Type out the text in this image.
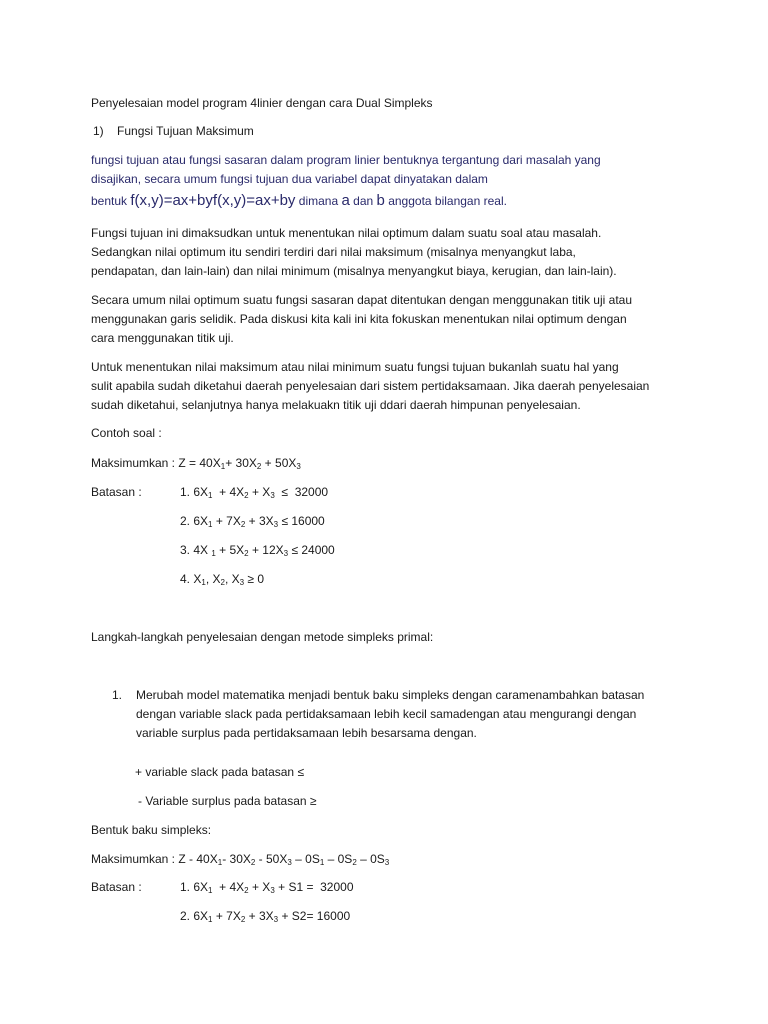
Penyelesaian model program 4linier dengan cara Dual Simpleks
1) Fungsi Tujuan Maksimum
fungsi tujuan atau fungsi sasaran dalam program linier bentuknya tergantung dari masalah yang
disajikan, secara umum fungsi tujuan dua variabel dapat dinyatakan dalam
bentuk f(x,y)=ax+byf(x,y)=ax+by dimana a dan b anggota bilangan real.
Fungsi tujuan ini dimaksudkan untuk menentukan nilai optimum dalam suatu soal atau masalah.
Sedangkan nilai optimum itu sendiri terdiri dari nilai maksimum (misalnya menyangkut laba,
pendapatan, dan lain-lain) dan nilai minimum (misalnya menyangkut biaya, kerugian, dan lain-lain).
Secara umum nilai optimum suatu fungsi sasaran dapat ditentukan dengan menggunakan titik uji atau
menggunakan garis selidik. Pada diskusi kita kali ini kita fokuskan menentukan nilai optimum dengan
cara menggunakan titik uji.
Untuk menentukan nilai maksimum atau nilai minimum suatu fungsi tujuan bukanlah suatu hal yang
sulit apabila sudah diketahui daerah penyelesaian dari sistem pertidaksamaan. Jika daerah penyelesaian
sudah diketahui, selanjutnya hanya melakuakn titik uji ddari daerah himpunan penyelesaian.
Contoh soal :
Maksimumkan : $Z = 40X_1+ 30X_2 + 50X_3$
Batasan :	1. $6X_1 + 4X_2 + X_3 \le 32000$
2. $6X_1 + 7X_2 + 3X_3 \le 16000$
3. 4X $_1 + 5X_2 + 12X_3 \le 24000$
4. $X_1$, $X_2$, $X_3 \ge 0$
Langkah-langkah penyelesaian dengan metode simpleks primal:
1. Merubah model matematika menjadi bentuk baku simpleks dengan caramenambahkan batasan
dengan variable slack pada pertidaksamaan lebih kecil samadengan atau mengurangi dengan
variable surplus pada pertidaksamaan lebih besarsama dengan.
+ variable slack pada batasan ≤
- Variable surplus pada batasan ≥
Bentuk baku simpleks:
Maksimumkan : Z - $40X_1-$ $30X_2 - 50X_3 - 0S_1 - 0S_2 - 0S_3$
Batasan :	1. $6X_1 + 4X_2 + X_3 + S1 = 32000$
2. $6X_1 + 7X_2 + 3X_3 + S2= 16000$
